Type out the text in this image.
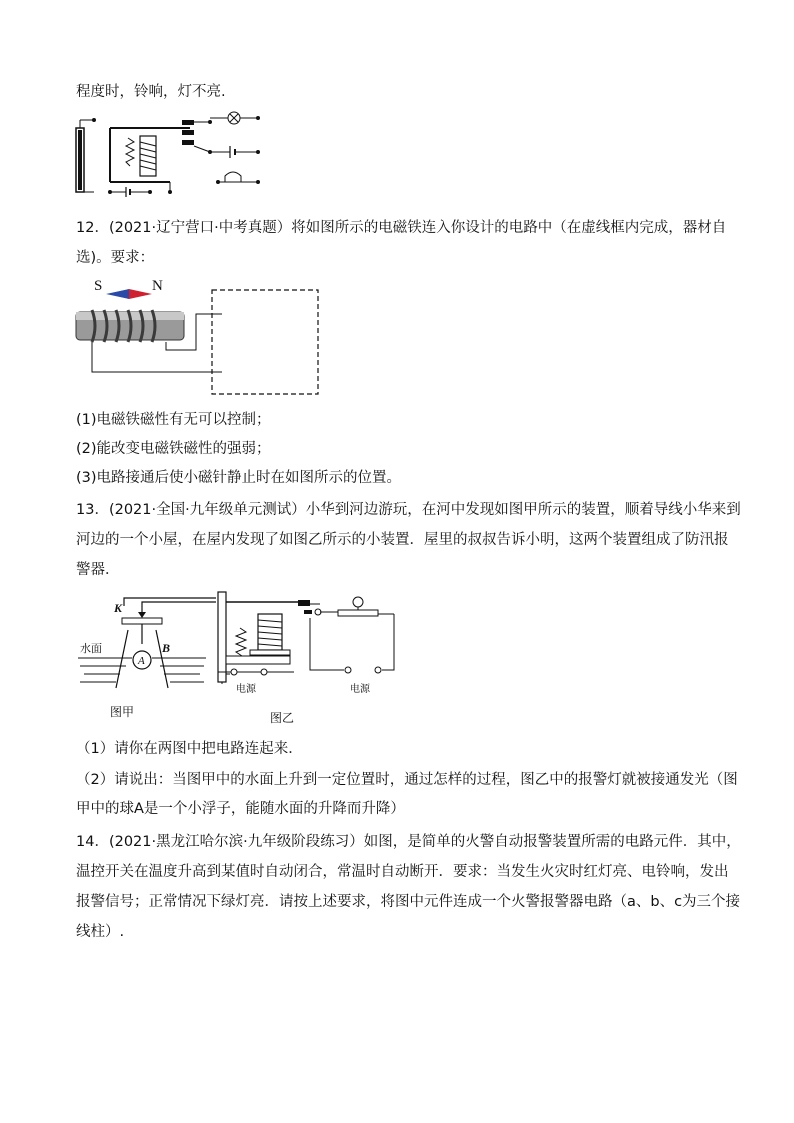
程度时，铃响，灯不亮.
12．(2021·辽宁营口·中考真题）将如图所示的电磁铁连入你设计的电路中（在虚线框内完成，器材自
选)。要求：
S	N
(1)电磁铁磁性有无可以控制；
(2)能改变电磁铁磁性的强弱；
(3)电路接通后使小磁针静止时在如图所示的位置。
13．(2021·全国·九年级单元测试）小华到河边游玩，在河中发现如图甲所示的装置，顺着导线小华来到
河边的一个小屋，在屋内发现了如图乙所示的小装置．屋里的叔叔告诉小明，这两个装置组成了防汛报
警器．
K
水面	B
A
图甲
电源	电源
图乙
（1）请你在两图中把电路连起来．
（2）请说出：当图甲中的水面上升到一定位置时，通过怎样的过程，图乙中的报警灯就被接通发光（图
甲中的球A是一个小浮子，能随水面的升降而升降）
14．(2021·黑龙江哈尔滨·九年级阶段练习）如图，是简单的火警自动报警装置所需的电路元件．其中，
温控开关在温度升高到某值时自动闭合，常温时自动断开．要求：当发生火灾时红灯亮、电铃响，发出
报警信号；正常情况下绿灯亮．请按上述要求，将图中元件连成一个火警报警器电路（a、b、c为三个接
线柱）.
